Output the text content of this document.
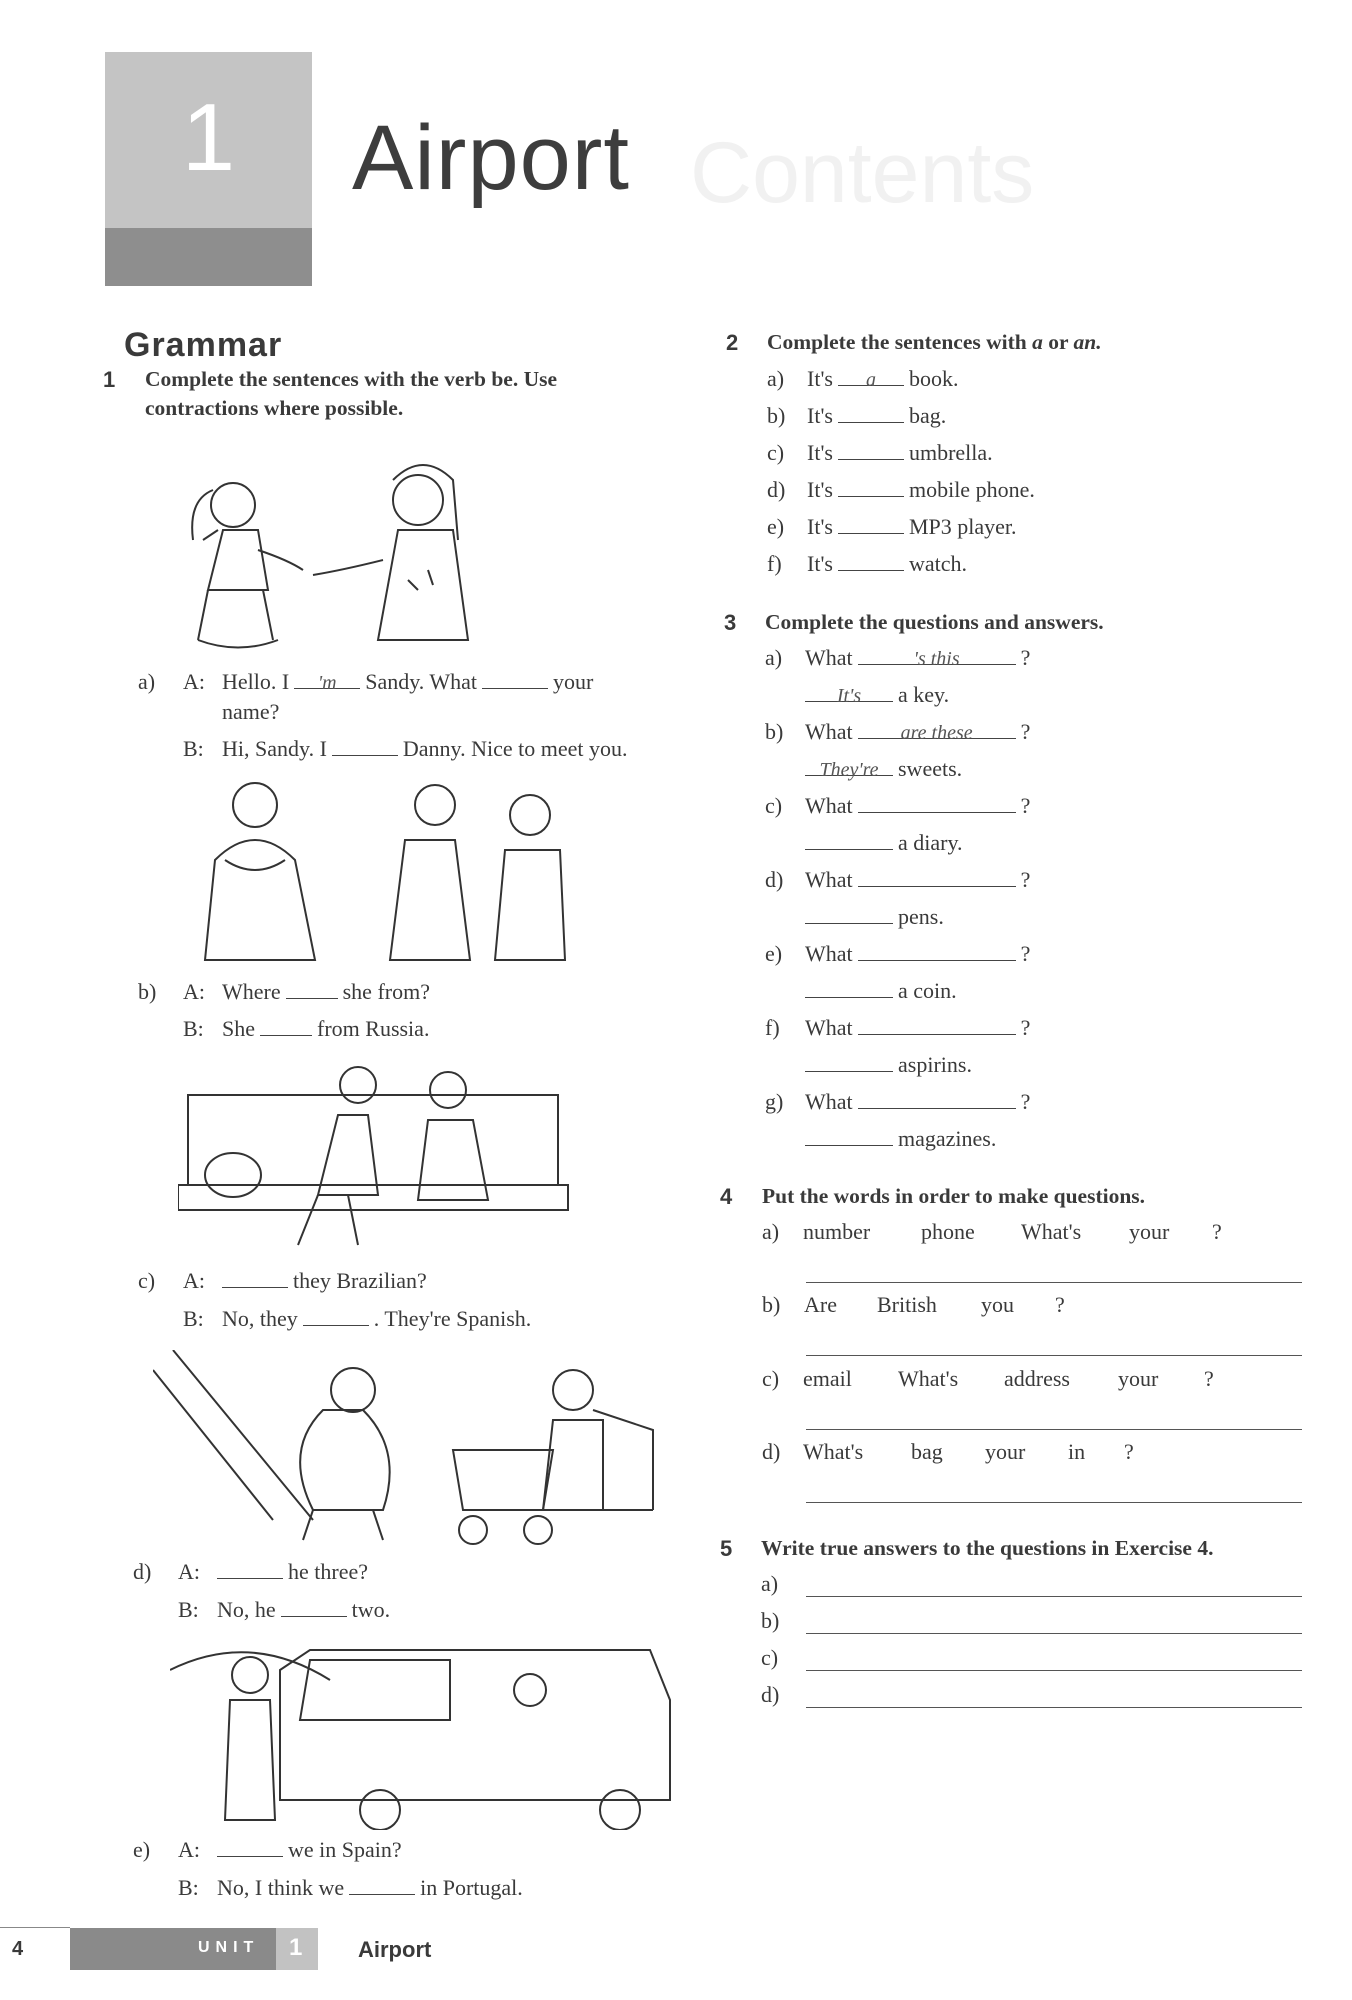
Contents
1	Airport
Grammar
1 Complete the sentences with the verb be. Use
contractions where possible.
a) A: Hello. I 'm Sandy. What	your
name?
B: Hi, Sandy. I	Danny. Nice to meet you.
b) A: Where	she from?
B: She	from Russia.
c) A:	they Brazilian?
B: No, they	. They're Spanish.
d) A:	he three?
B: No, he	two.
e) A:	we in Spain?
B: No, I think we	in Portugal.
2 Complete the sentences with a or an.
a) It's a book.
b) It's	bag.
c) It's	umbrella.
d) It's	mobile phone.
e) It's	MP3 player.
f) It's	watch.
3 Complete the questions and answers.
a) What	's this	?
It's a key.
b) What are these ?
They're sweets.
c) What	?
a diary.
d) What	?
pens.
e) What	?
a coin.
f) What	?
aspirins.
g) What	?
magazines.
4 Put the words in order to make questions.
a) number phone What's your ?
b) Are British you ?
c) email What's address your ?
d) What's bag your in ?
5 Write true answers to the questions in Exercise 4.
a)
b)
c)
d)
4	UNIT 1	Airport
